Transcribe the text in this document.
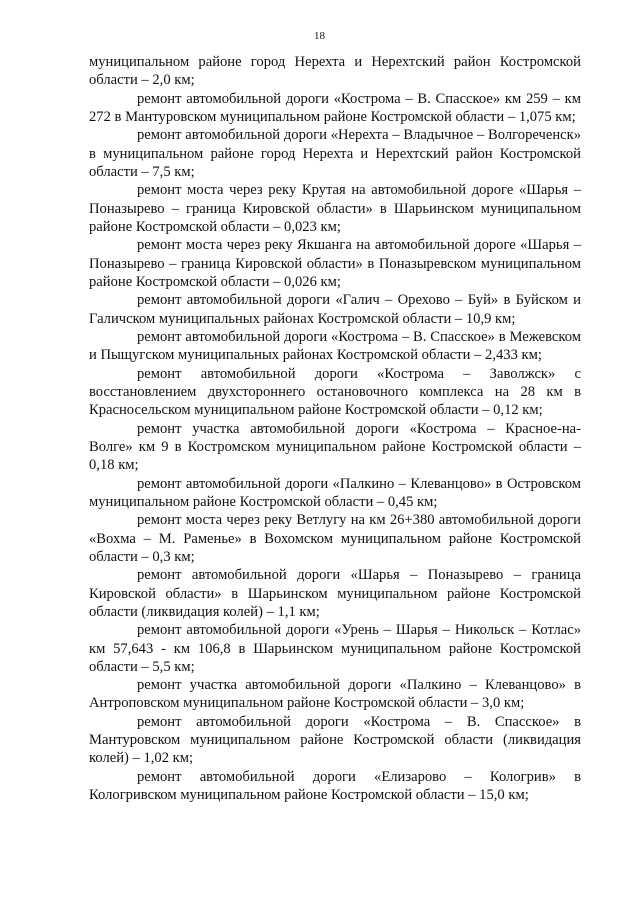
18

муниципальном районе город Нерехта и Нерехтский район Костромской области – 2,0 км;

ремонт автомобильной дороги «Кострома – В. Спасское» км 259 – км 272 в Мантуровском муниципальном районе Костромской области – 1,075 км;

ремонт автомобильной дороги «Нерехта – Владычное – Волгореченск» в муниципальном районе город Нерехта и Нерехтский район Костромской области – 7,5 км;

ремонт моста через реку Крутая на автомобильной дороге «Шарья – Поназырево – граница Кировской области» в Шарьинском муниципальном районе Костромской области – 0,023 км;

ремонт моста через реку Якшанга на автомобильной дороге «Шарья – Поназырево – граница Кировской области» в Поназыревском муниципальном районе Костромской области – 0,026 км;

ремонт автомобильной дороги «Галич – Орехово – Буй» в Буйском и Галичском муниципальных районах Костромской области – 10,9 км;

ремонт автомобильной дороги «Кострома – В. Спасское» в Межевском и Пыщугском муниципальных районах Костромской области – 2,433 км;

ремонт автомобильной дороги «Кострома – Заволжск» с восстановлением двухстороннего остановочного комплекса на 28 км в Красносельском муниципальном районе Костромской области – 0,12 км;

ремонт участка автомобильной дороги «Кострома – Красное-на-Волге» км 9 в Костромском муниципальном районе Костромской области – 0,18 км;

ремонт автомобильной дороги «Палкино – Клеванцово» в Островском муниципальном районе Костромской области – 0,45 км;

ремонт моста через реку Ветлугу на км 26+380 автомобильной дороги «Вохма – М. Раменье» в Вохомском муниципальном районе Костромской области – 0,3 км;

ремонт автомобильной дороги «Шарья – Поназырево – граница Кировской области» в Шарьинском муниципальном районе Костромской области (ликвидация колей) – 1,1 км;

ремонт автомобильной дороги «Урень – Шарья – Никольск – Котлас» км 57,643 - км 106,8 в Шарьинском муниципальном районе Костромской области – 5,5 км;

ремонт участка автомобильной дороги «Палкино – Клеванцово» в Антроповском муниципальном районе Костромской области – 3,0 км;

ремонт автомобильной дороги «Кострома – В. Спасское» в Мантуровском муниципальном районе Костромской области (ликвидация колей) – 1,02 км;

ремонт автомобильной дороги «Елизарово – Кологрив» в Кологривском муниципальном районе Костромской области – 15,0 км;
